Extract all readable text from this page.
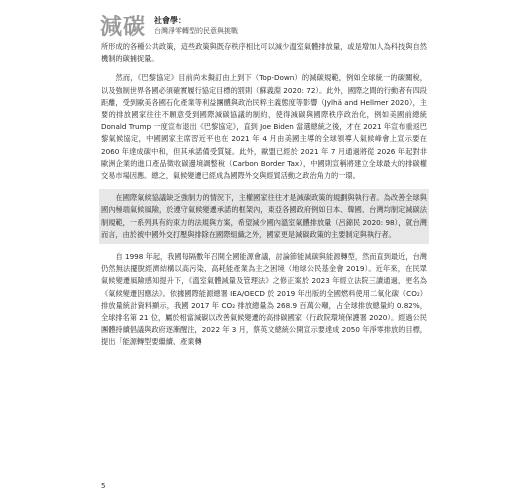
減碳 社會學：
台灣淨零轉型的民意與挑戰

所形成的各種公共政策，這些政策與既存秩序相比可以減少溫室氣體排放量，或是增加人為科技與自然機制的碳捕捉量。

然而，《巴黎協定》目前尚未擬訂由上到下（Top-Down）的減碳規範，例如全球統一的碳關稅，以及強制世界各國必須確實履行協定目標的罰則（蘇義淵 2020: 72）。此外，國際之間的行動者有四段距離，受到歐美各國石化產業等利益團體與政治民粹主義態度等影響（Jylhä and Hellmer 2020），主要的排放國家往往不願意受到國際減碳協議的制約，使得減碳與國際秩序政治化，例如美國前總統 Donald Trump 一度宣布退出《巴黎協定》，直到 Joe Biden 當選總統之後，才在 2021 年宣布重返巴黎氣候協定，中國國家主席習近平也在 2021 年 4 月由美國主導的全球領導人氣候峰會上宣示要在 2060 年達成碳中和，但其承諾備受質疑。此外，歐盟已經於 2021 年 7 月通過將從 2026 年起對非歐洲企業的進口產品徵收碳邊境調整稅（Carbon Border Tax），中國則宣稱將建立全球最大的排碳權交易市場因應。總之，氣候變遷已經成為國際外交與經貿活動之政治角力的一環。

在國際氣候協議缺乏強制力的情況下，主權國家往往才是減碳政策的規劃與執行者。為改善全球與國內極端氣候風險，於遵守氣候變遷承諾的框架內，東亞各國政府例如日本、韓國、台灣均制定減碳法制規範，一系列具有約束力的法規與方案，希望減少國內溫室氣體排放量（呂錦民 2020: 98），就台灣而言，由於被中國外交打壓與排除在國際組織之外，國家更是減碳政策的主要制定與執行者。

自 1998 年起，我國每隔數年召開全國能源會議，討論節能減碳與能源轉型，然而直到最近，台灣仍然無法擺脫經濟結構以高污染、高耗能產業為主之困境（地球公民基金會 2019）。近年來，在民眾氣候變遷風險感知提升下，《溫室氣體減量及管理法》之修正案於 2023 年經立法院三讀通過，更名為《氣候變遷因應法》。依據國際能源總署 IEA/OECD 於 2019 年出版的全國燃料使用二氧化碳（CO₂）排放量統計資料顯示，我國 2017 年 CO₂ 排放總量為 268.9 百萬公噸，占全球排放總量約 0.82%，全球排名第 21 位，屬於相當減碳以改善氣候變遷的高排碳國家（行政院環境保護署 2020）。經過公民團體持續倡議與政府逐漸醒注，2022 年 3 月，蔡英文總統公開宣示要達成 2050 年淨零排放的目標，提出「能源轉型要繼續、產業轉

5
